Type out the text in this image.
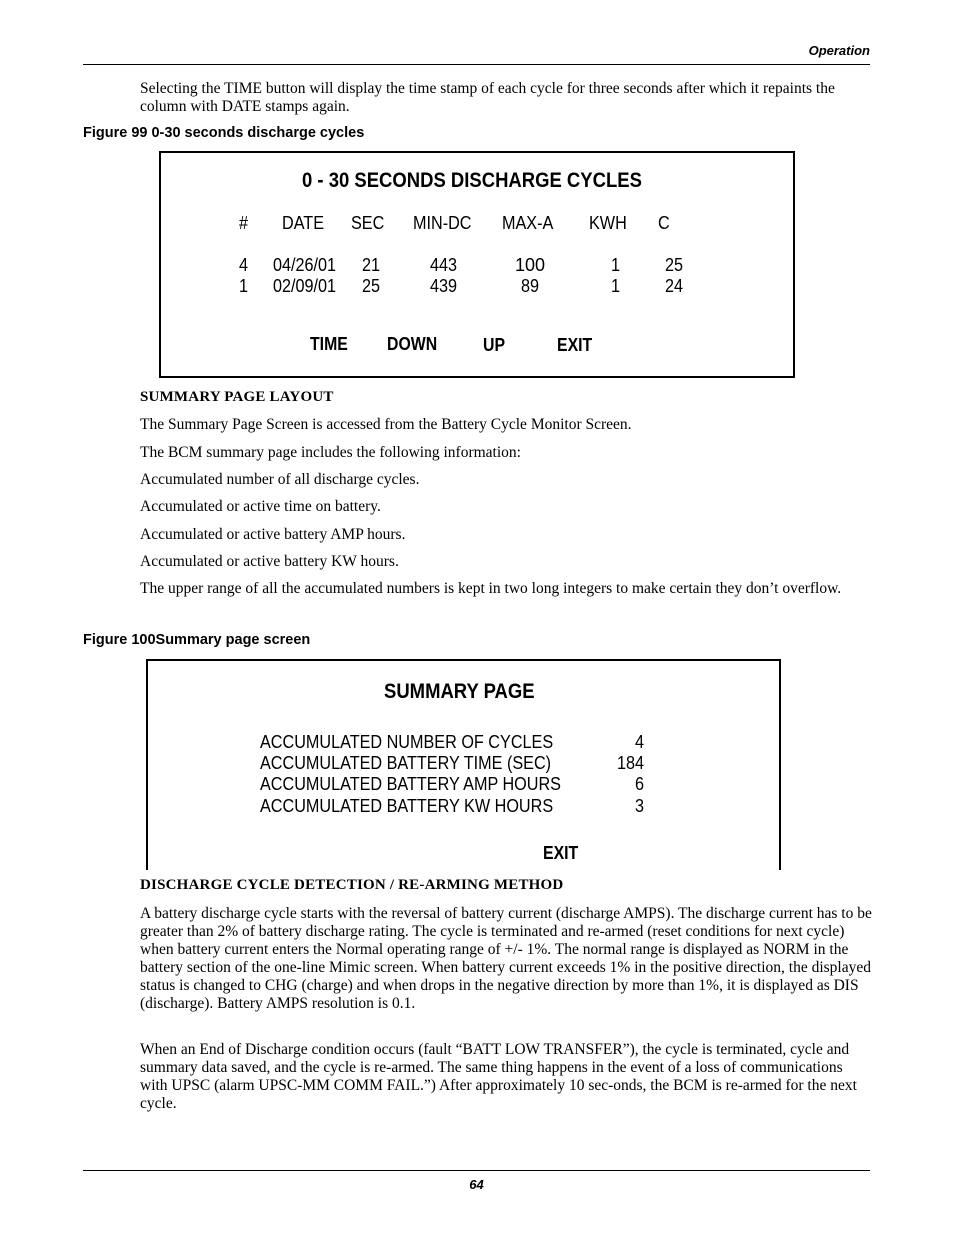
Operation
Selecting the TIME button will display the time stamp of each cycle for three seconds after which it repaints the column with DATE stamps again.
Figure 99 0-30 seconds discharge cycles
0 - 30 SECONDS DISCHARGE CYCLES
# DATE SEC MIN-DC MAX-A KWH C
4 04/26/01 21	443	100	1 25
1 02/09/01 25	439	89	1 24
TIME DOWN	UP	EXIT
SUMMARY PAGE LAYOUT
The Summary Page Screen is accessed from the Battery Cycle Monitor Screen.
The BCM summary page includes the following information:
Accumulated number of all discharge cycles.
Accumulated or active time on battery.
Accumulated or active battery AMP hours.
Accumulated or active battery KW hours.
The upper range of all the accumulated numbers is kept in two long integers to make certain they don’t overflow.
Figure 100Summary page screen
SUMMARY PAGE
ACCUMULATED NUMBER OF CYCLES	4
ACCUMULATED BATTERY TIME (SEC)	184
ACCUMULATED BATTERY AMP HOURS	6
ACCUMULATED BATTERY KW HOURS	3
EXIT
DISCHARGE CYCLE DETECTION / RE-ARMING METHOD
A battery discharge cycle starts with the reversal of battery current (discharge AMPS). The discharge current has to be greater than 2% of battery discharge rating. The cycle is terminated and re-armed (reset conditions for next cycle) when battery current enters the Normal operating range of +/- 1%. The normal range is displayed as NORM in the battery section of the one-line Mimic screen. When battery current exceeds 1% in the positive direction, the displayed status is changed to CHG (charge) and when drops in the negative direction by more than 1%, it is displayed as DIS (discharge). Battery AMPS resolution is 0.1.
When an End of Discharge condition occurs (fault “BATT LOW TRANSFER”), the cycle is terminated, cycle and summary data saved, and the cycle is re-armed. The same thing happens in the event of a loss of communications with UPSC (alarm UPSC-MM COMM FAIL.”) After approximately 10 sec-onds, the BCM is re-armed for the next cycle.
64
